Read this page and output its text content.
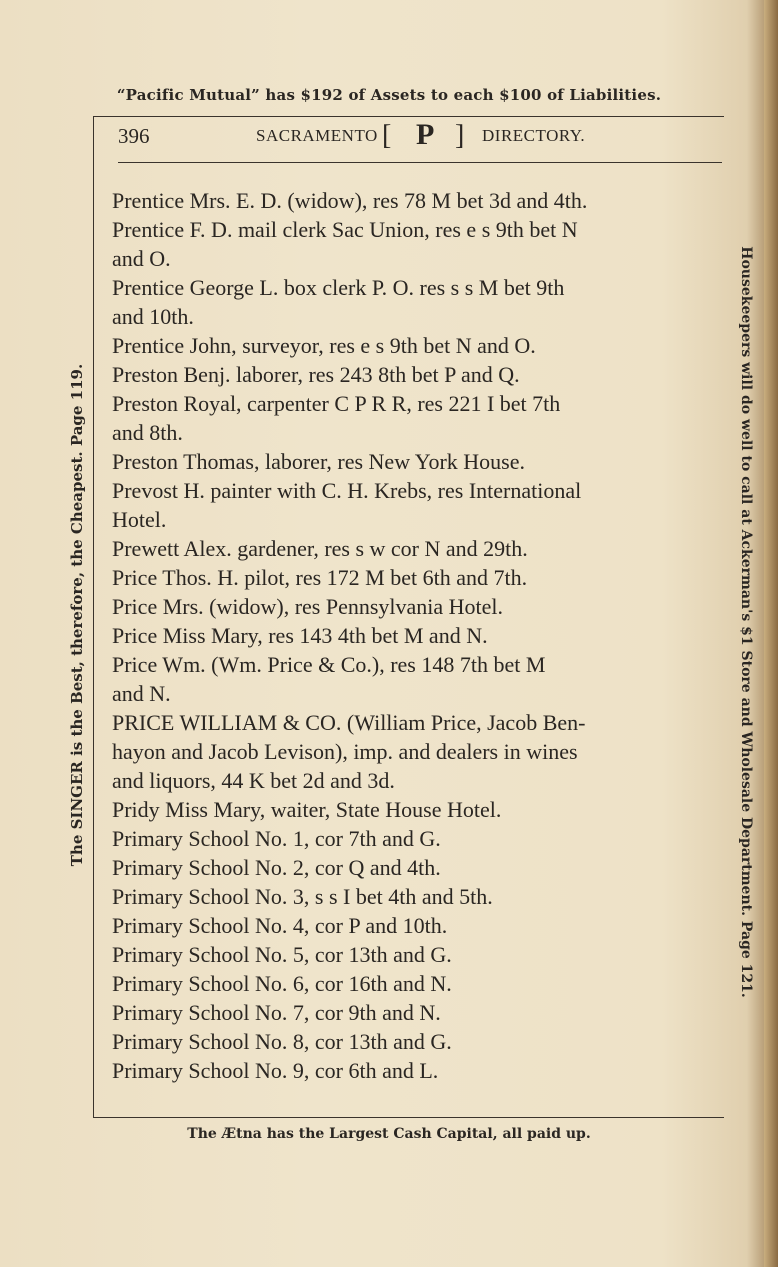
“Pacific Mutual” has $192 of Assets to each $100 of Liabilities.
396	SACRAMENTO [ P ] DIRECTORY.

Prentice Mrs. E. D. (widow), res 78 M bet 3d and 4th.

Prentice F. D. mail clerk Sac Union, res e s 9th bet N
and O.

Prentice George L. box clerk P. O. res s s M bet 9th
and 10th.

Prentice John, surveyor, res e s 9th bet N and O.

Preston Benj. laborer, res 243 8th bet P and Q.

Preston Royal, carpenter C P R R, res 221 I bet 7th
and 8th.

Preston Thomas, laborer, res New York House.

Prevost H. painter with C. H. Krebs, res International
Hotel.

Prewett Alex. gardener, res s w cor N and 29th.

Price Thos. H. pilot, res 172 M bet 6th and 7th.

Price Mrs. (widow), res Pennsylvania Hotel.

Price Miss Mary, res 143 4th bet M and N.

Price Wm. (Wm. Price & Co.), res 148 7th bet M
and N.

PRICE WILLIAM & CO. (William Price, Jacob Ben-
hayon and Jacob Levison), imp. and dealers in wines
and liquors, 44 K bet 2d and 3d.

Pridy Miss Mary, waiter, State House Hotel.

Primary School No. 1, cor 7th and G.

Primary School No. 2, cor Q and 4th.

Primary School No. 3, s s I bet 4th and 5th.

Primary School No. 4, cor P and 10th.

Primary School No. 5, cor 13th and G.

Primary School No. 6, cor 16th and N.

Primary School No. 7, cor 9th and N.

Primary School No. 8, cor 13th and G.

Primary School No. 9, cor 6th and L.

The Ætna has the Largest Cash Capital, all paid up.
The SINGER is the Best, therefore, the Cheapest. Page 119.	Housekeepers will do well to call at Ackerman's $1 Store and Wholesale Department. Page 121.
